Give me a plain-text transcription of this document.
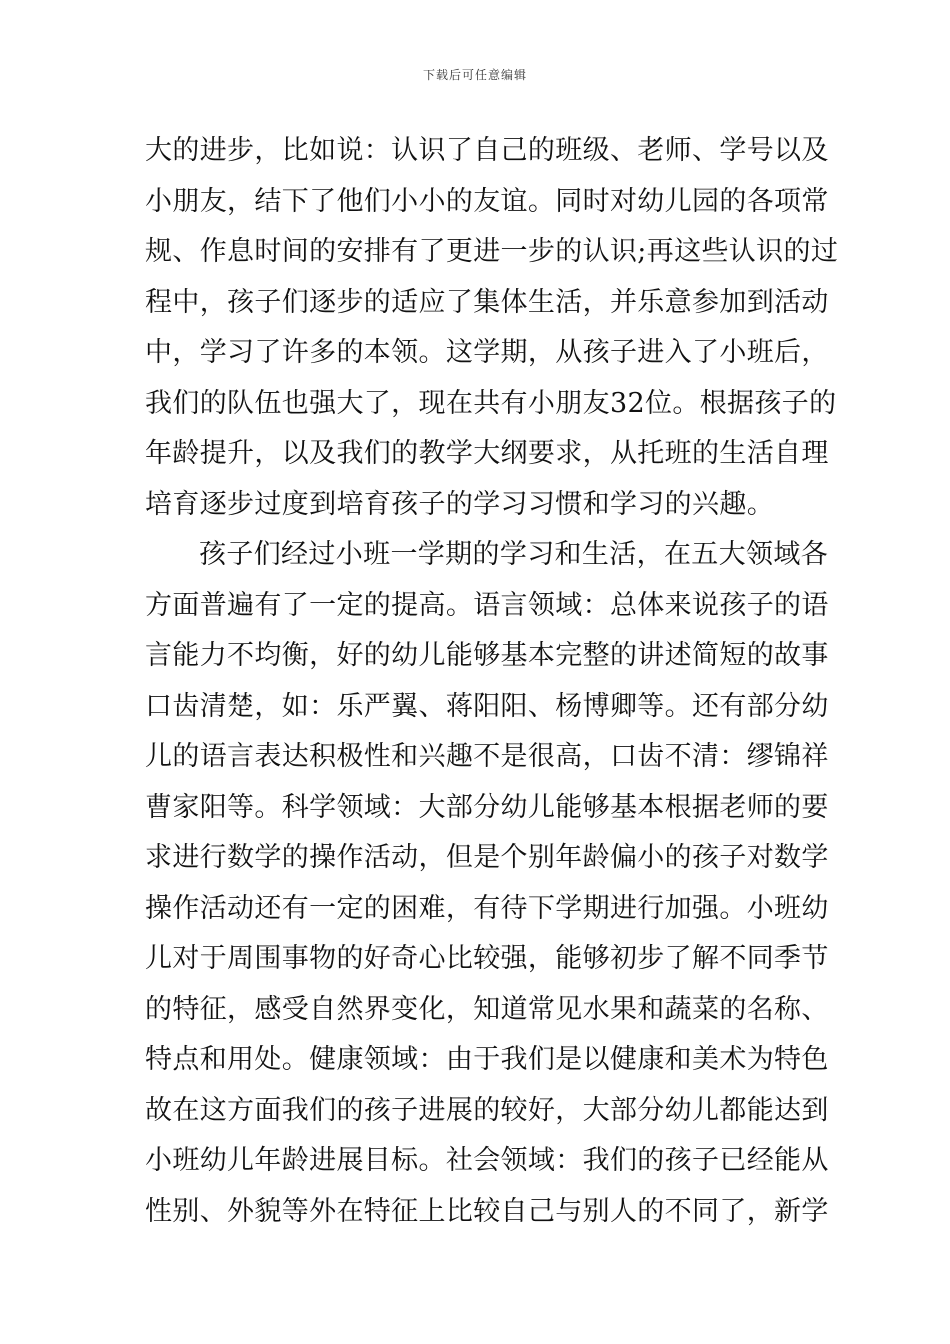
下载后可任意编辑
大的进步，比如说：认识了自己的班级、老师、学号以及
小朋友，结下了他们小小的友谊。同时对幼儿园的各项常
规、作息时间的安排有了更进一步的认识;再这些认识的过
程中，孩子们逐步的适应了集体生活，并乐意参加到活动
中，学习了许多的本领。这学期，从孩子进入了小班后，
我们的队伍也强大了，现在共有小朋友32位。根据孩子的
年龄提升，以及我们的教学大纲要求，从托班的生活自理
培育逐步过度到培育孩子的学习习惯和学习的兴趣。
孩子们经过小班一学期的学习和生活，在五大领域各
方面普遍有了一定的提高。语言领域：总体来说孩子的语
言能力不均衡，好的幼儿能够基本完整的讲述简短的故事
口齿清楚，如：乐严翼、蒋阳阳、杨博卿等。还有部分幼
儿的语言表达积极性和兴趣不是很高，口齿不清：缪锦祥
曹家阳等。科学领域：大部分幼儿能够基本根据老师的要
求进行数学的操作活动，但是个别年龄偏小的孩子对数学
操作活动还有一定的困难，有待下学期进行加强。小班幼
儿对于周围事物的好奇心比较强，能够初步了解不同季节
的特征，感受自然界变化，知道常见水果和蔬菜的名称、
特点和用处。健康领域：由于我们是以健康和美术为特色
故在这方面我们的孩子进展的较好，大部分幼儿都能达到
小班幼儿年龄进展目标。社会领域：我们的孩子已经能从
性别、外貌等外在特征上比较自己与别人的不同了，新学
